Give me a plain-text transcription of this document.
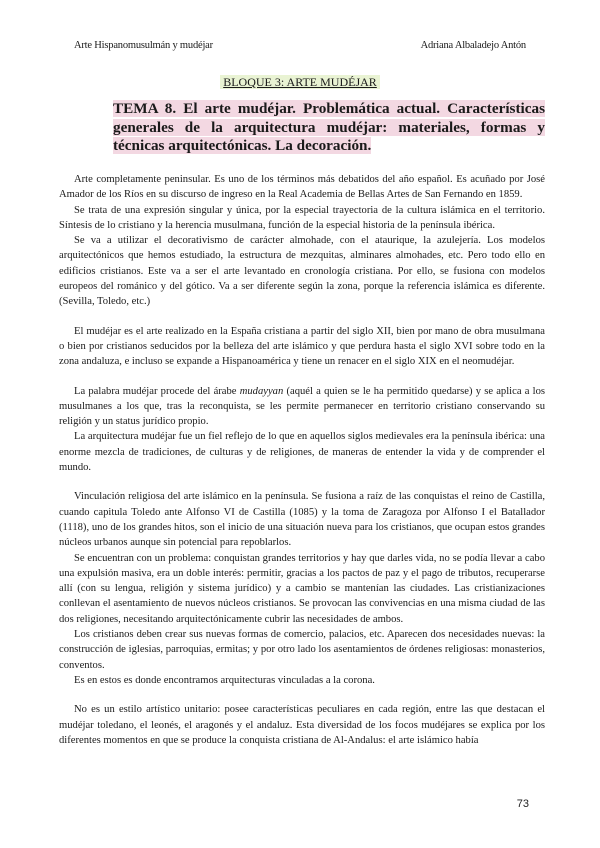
Arte Hispanomusulmán y mudéjar	Adriana Albaladejo Antón
BLOQUE 3: ARTE MUDÉJAR
TEMA 8. El arte mudéjar. Problemática actual. Características generales de la arquitectura mudéjar: materiales, formas y técnicas arquitectónicas. La decoración.

Arte completamente peninsular. Es uno de los términos más debatidos del año español. Es acuñado por José Amador de los Ríos en su discurso de ingreso en la Real Academia de Bellas Artes de San Fernando en 1859.

Se trata de una expresión singular y única, por la especial trayectoria de la cultura islámica en el territorio. Síntesis de lo cristiano y la herencia musulmana, función de la especial historia de la península ibérica.

Se va a utilizar el decorativismo de carácter almohade, con el ataurique, la azulejería. Los modelos arquitectónicos que hemos estudiado, la estructura de mezquitas, alminares almohades, etc. Pero todo ello en edificios cristianos. Este va a ser el arte levantado en cronología cristiana. Por ello, se fusiona con modelos europeos del románico y del gótico. Va a ser diferente según la zona, porque la referencia islámica es diferente. (Sevilla, Toledo, etc.)

El mudéjar es el arte realizado en la España cristiana a partir del siglo XII, bien por mano de obra musulmana o bien por cristianos seducidos por la belleza del arte islámico y que perdura hasta el siglo XVI sobre todo en la zona andaluza, e incluso se expande a Hispanoamérica y tiene un renacer en el siglo XIX en el neomudéjar.

La palabra mudéjar procede del árabe mudayyan (aquél a quien se le ha permitido quedarse) y se aplica a los musulmanes a los que, tras la reconquista, se les permite permanecer en territorio cristiano conservando su religión y un status jurídico propio.

La arquitectura mudéjar fue un fiel reflejo de lo que en aquellos siglos medievales era la península ibérica: una enorme mezcla de tradiciones, de culturas y de religiones, de maneras de entender la vida y de comprender el mundo.

Vinculación religiosa del arte islámico en la península. Se fusiona a raíz de las conquistas el reino de Castilla, cuando capitula Toledo ante Alfonso VI de Castilla (1085) y la toma de Zaragoza por Alfonso I el Batallador (1118), uno de los grandes hitos, son el inicio de una situación nueva para los cristianos, que ocupan estos grandes núcleos urbanos aunque sin potencial para repoblarlos.

Se encuentran con un problema: conquistan grandes territorios y hay que darles vida, no se podía llevar a cabo una expulsión masiva, era un doble interés: permitir, gracias a los pactos de paz y el pago de tributos, recuperarse allí (con su lengua, religión y sistema jurídico) y a cambio se mantenían las ciudades. Las cristianizaciones conllevan el asentamiento de nuevos núcleos cristianos. Se provocan las convivencias en una misma ciudad de las dos religiones, necesitando arquitectónicamente cubrir las necesidades de ambos.

Los cristianos deben crear sus nuevas formas de comercio, palacios, etc. Aparecen dos necesidades nuevas: la construcción de iglesias, parroquias, ermitas; y por otro lado los asentamientos de órdenes religiosas: monasterios, conventos.

Es en estos es donde encontramos arquitecturas vinculadas a la corona.

No es un estilo artístico unitario: posee características peculiares en cada región, entre las que destacan el mudéjar toledano, el leonés, el aragonés y el andaluz. Esta diversidad de los focos mudéjares se explica por los diferentes momentos en que se produce la conquista cristiana de Al-Andalus: el arte islámico había

73
